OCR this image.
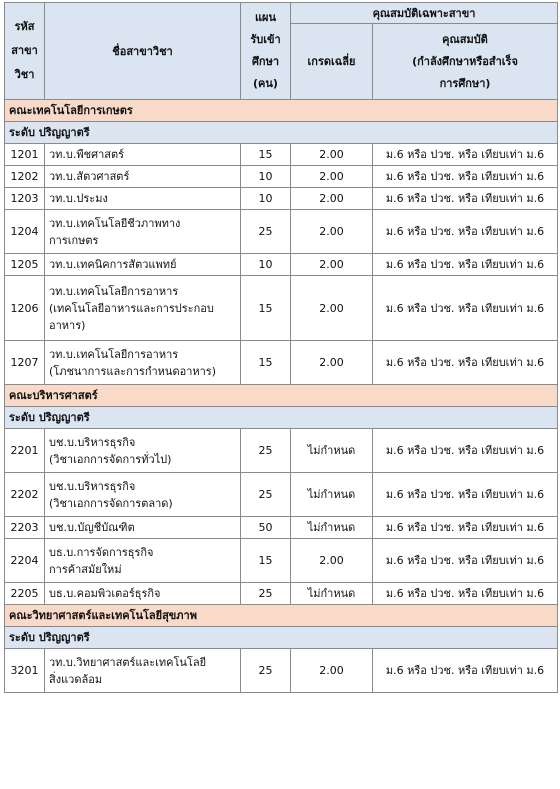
รหัส
สาขา
วิชา	ชื่อสาขาวิชา	แผน
รับเข้า
ศึกษา
(คน)	คุณสมบัติเฉพาะสาขา	
			เกรดเฉลี่ย	คุณสมบัติ
(กำลังศึกษาหรือสำเร็จ
การศึกษา)
คณะเทคโนโลยีการเกษตร				
ระดับ ปริญญาตรี				
1201	วท.บ.พืชศาสตร์	15	2.00	ม.6 หรือ ปวช. หรือ เทียบเท่า ม.6
1202	วท.บ.สัตวศาสตร์	10	2.00	ม.6 หรือ ปวช. หรือ เทียบเท่า ม.6
1203	วท.บ.ประมง	10	2.00	ม.6 หรือ ปวช. หรือ เทียบเท่า ม.6
1204	วท.บ.เทคโนโลยีชีวภาพทาง
การเกษตร	25	2.00	ม.6 หรือ ปวช. หรือ เทียบเท่า ม.6
1205	วท.บ.เทคนิคการสัตวแพทย์	10	2.00	ม.6 หรือ ปวช. หรือ เทียบเท่า ม.6
1206	วท.บ.เทคโนโลยีการอาหาร
(เทคโนโลยีอาหารและการประกอบ
อาหาร)	15	2.00	ม.6 หรือ ปวช. หรือ เทียบเท่า ม.6
1207	วท.บ.เทคโนโลยีการอาหาร
(โภชนาการและการกำหนดอาหาร)	15	2.00	ม.6 หรือ ปวช. หรือ เทียบเท่า ม.6
คณะบริหารศาสตร์				
ระดับ ปริญญาตรี				
2201	บช.บ.บริหารธุรกิจ
(วิชาเอกการจัดการทั่วไป)	25	ไม่กำหนด	ม.6 หรือ ปวช. หรือ เทียบเท่า ม.6
2202	บช.บ.บริหารธุรกิจ
(วิชาเอกการจัดการตลาด)	25	ไม่กำหนด	ม.6 หรือ ปวช. หรือ เทียบเท่า ม.6
2203	บช.บ.บัญชีบัณฑิต	50	ไม่กำหนด	ม.6 หรือ ปวช. หรือ เทียบเท่า ม.6
2204	บธ.บ.การจัดการธุรกิจ
การค้าสมัยใหม่	15	2.00	ม.6 หรือ ปวช. หรือ เทียบเท่า ม.6
2205	บธ.บ.คอมพิวเตอร์ธุรกิจ	25	ไม่กำหนด	ม.6 หรือ ปวช. หรือ เทียบเท่า ม.6
คณะวิทยาศาสตร์และเทคโนโลยีสุขภาพ				
ระดับ ปริญญาตรี				
3201	วท.บ.วิทยาศาสตร์และเทคโนโลยี
สิ่งแวดล้อม	25	2.00	ม.6 หรือ ปวช. หรือ เทียบเท่า ม.6
